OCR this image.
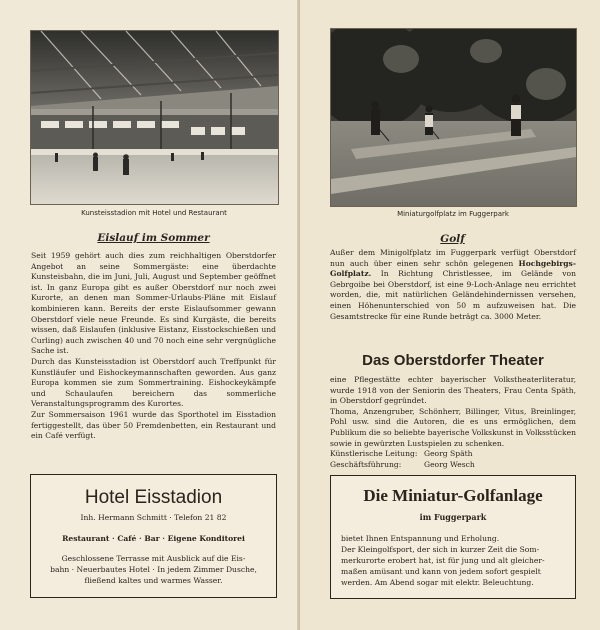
Kunsteisstadion mit Hotel und Restaurant
Eislauf im Sommer

Seit 1959 gehört auch dies zum reichhaltigen Oberstdorfer Angebot an seine Sommergäste: eine überdachte Kunsteisbahn, die im Juni, Juli, August und September geöffnet ist. In ganz Europa gibt es außer Oberstdorf nur noch zwei Kurorte, an denen man Sommer-Urlaubs-Pläne mit Eislauf kombinieren kann. Bereits der erste Eislaufsommer gewann Oberstdorf viele neue Freunde. Es sind Kurgäste, die bereits wissen, daß Eislaufen (inklusive Eistanz, Eisstockschießen und Curling) auch zwischen 40 und 70 noch eine sehr vergnügliche Sache ist.

Durch das Kunsteisstadion ist Oberstdorf auch Treffpunkt für Kunstläufer und Eishockeymannschaften geworden. Aus ganz Europa kommen sie zum Sommertraining. Eishockeykämpfe und Schaulaufen bereichern das sommerliche Veranstaltungsprogramm des Kurortes.

Zur Sommersaison 1961 wurde das Sporthotel im Eisstadion fertiggestellt, das über 50 Fremdenbetten, ein Restaurant und ein Café verfügt.

Hotel Eisstadion
Inh. Hermann Schmitt · Telefon 21 82
Restaurant · Café · Bar · Eigene Konditorei
Geschlossene Terrasse mit Ausblick auf die Eis-
bahn · Neuerbautes Hotel · In jedem Zimmer Dusche,
fließend kaltes und warmes Wasser.
Miniaturgolfplatz im Fuggerpark
Golf
Außer dem Minigolfplatz im Fuggerpark verfügt Oberstdorf nun auch über einen sehr schön gelegenen Hochgebirgs-Golfplatz. In Richtung Christlessee, im Gelände von Gebrgoibe bei Oberstdorf, ist eine 9-Loch-Anlage neu errichtet worden, die, mit natürlichen Geländehindernissen versehen, einen Höhenunterschied von 50 m aufzuweisen hat. Die Gesamtstrecke für eine Runde beträgt ca. 3000 Meter.
Das Oberstdorfer Theater

eine Pflegestätte echter bayerischer Volkstheaterliteratur, wurde 1918 von der Seniorin des Theaters, Frau Centa Späth, in Oberstdorf gegründet.

Thoma, Anzengruber, Schönherr, Billinger, Vitus, Breinlinger, Pohl usw. sind die Autoren, die es uns ermöglichen, dem Publikum die so beliebte bayerische Volkskunst in Volksstücken sowie in gewürzten Lustspielen zu schenken.

Künstlerische Leitung: Georg Späth
Geschäftsführung:	Georg Wesch
Die Miniatur-Golfanlage
im Fuggerpark
bietet Ihnen Entspannung und Erholung.
Der Kleingolfsport, der sich in kurzer Zeit die Som-
merkurorte erobert hat, ist für jung und alt gleicher-
maßen amüsant und kann von jedem sofort gespielt
werden. Am Abend sogar mit elektr. Beleuchtung.
